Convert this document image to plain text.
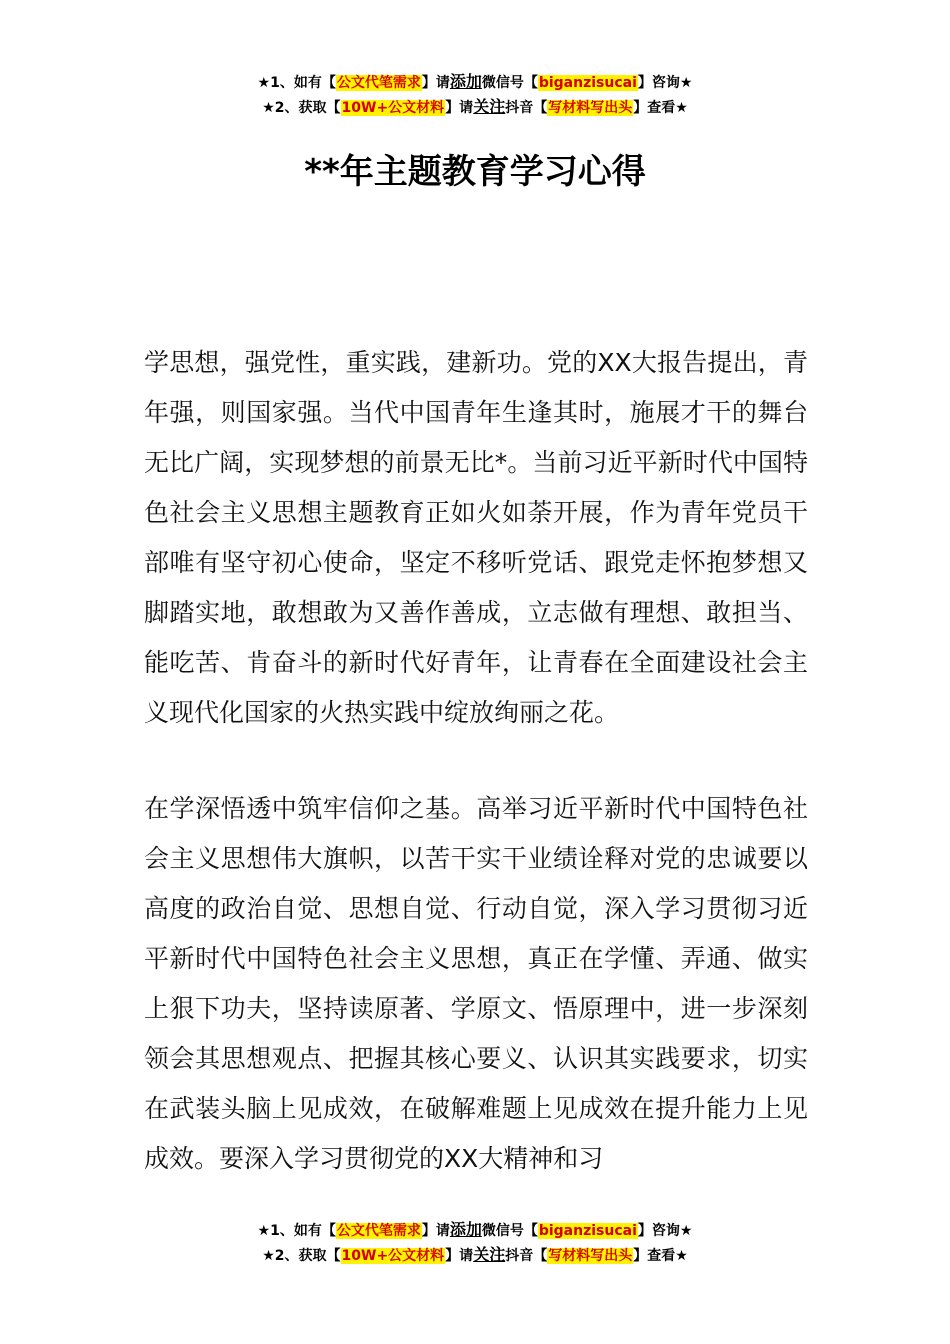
★1、如有【公文代笔需求】请添加微信号【biganzisucai】咨询★
★2、获取【10W+公文材料】请关注抖音【写材料写出头】查看★
**年主题教育学习心得

学思想，强党性，重实践，建新功。党的XX大报告提出，青年强，则国家强。当代中国青年生逢其时，施展才干的舞台无比广阔，实现梦想的前景无比*。当前习近平新时代中国特色社会主义思想主题教育正如火如荼开展，作为青年党员干部唯有坚守初心使命，坚定不移听党话、跟党走怀抱梦想又脚踏实地，敢想敢为又善作善成，立志做有理想、敢担当、能吃苦、肯奋斗的新时代好青年，让青春在全面建设社会主义现代化国家的火热实践中绽放绚丽之花。

在学深悟透中筑牢信仰之基。高举习近平新时代中国特色社会主义思想伟大旗帜，以苦干实干业绩诠释对党的忠诚要以高度的政治自觉、思想自觉、行动自觉，深入学习贯彻习近平新时代中国特色社会主义思想，真正在学懂、弄通、做实上狠下功夫，坚持读原著、学原文、悟原理中，进一步深刻领会其思想观点、把握其核心要义、认识其实践要求，切实在武装头脑上见成效，在破解难题上见成效在提升能力上见成效。要深入学习贯彻党的XX大精神和习

★1、如有【公文代笔需求】请添加微信号【biganzisucai】咨询★
★2、获取【10W+公文材料】请关注抖音【写材料写出头】查看★
